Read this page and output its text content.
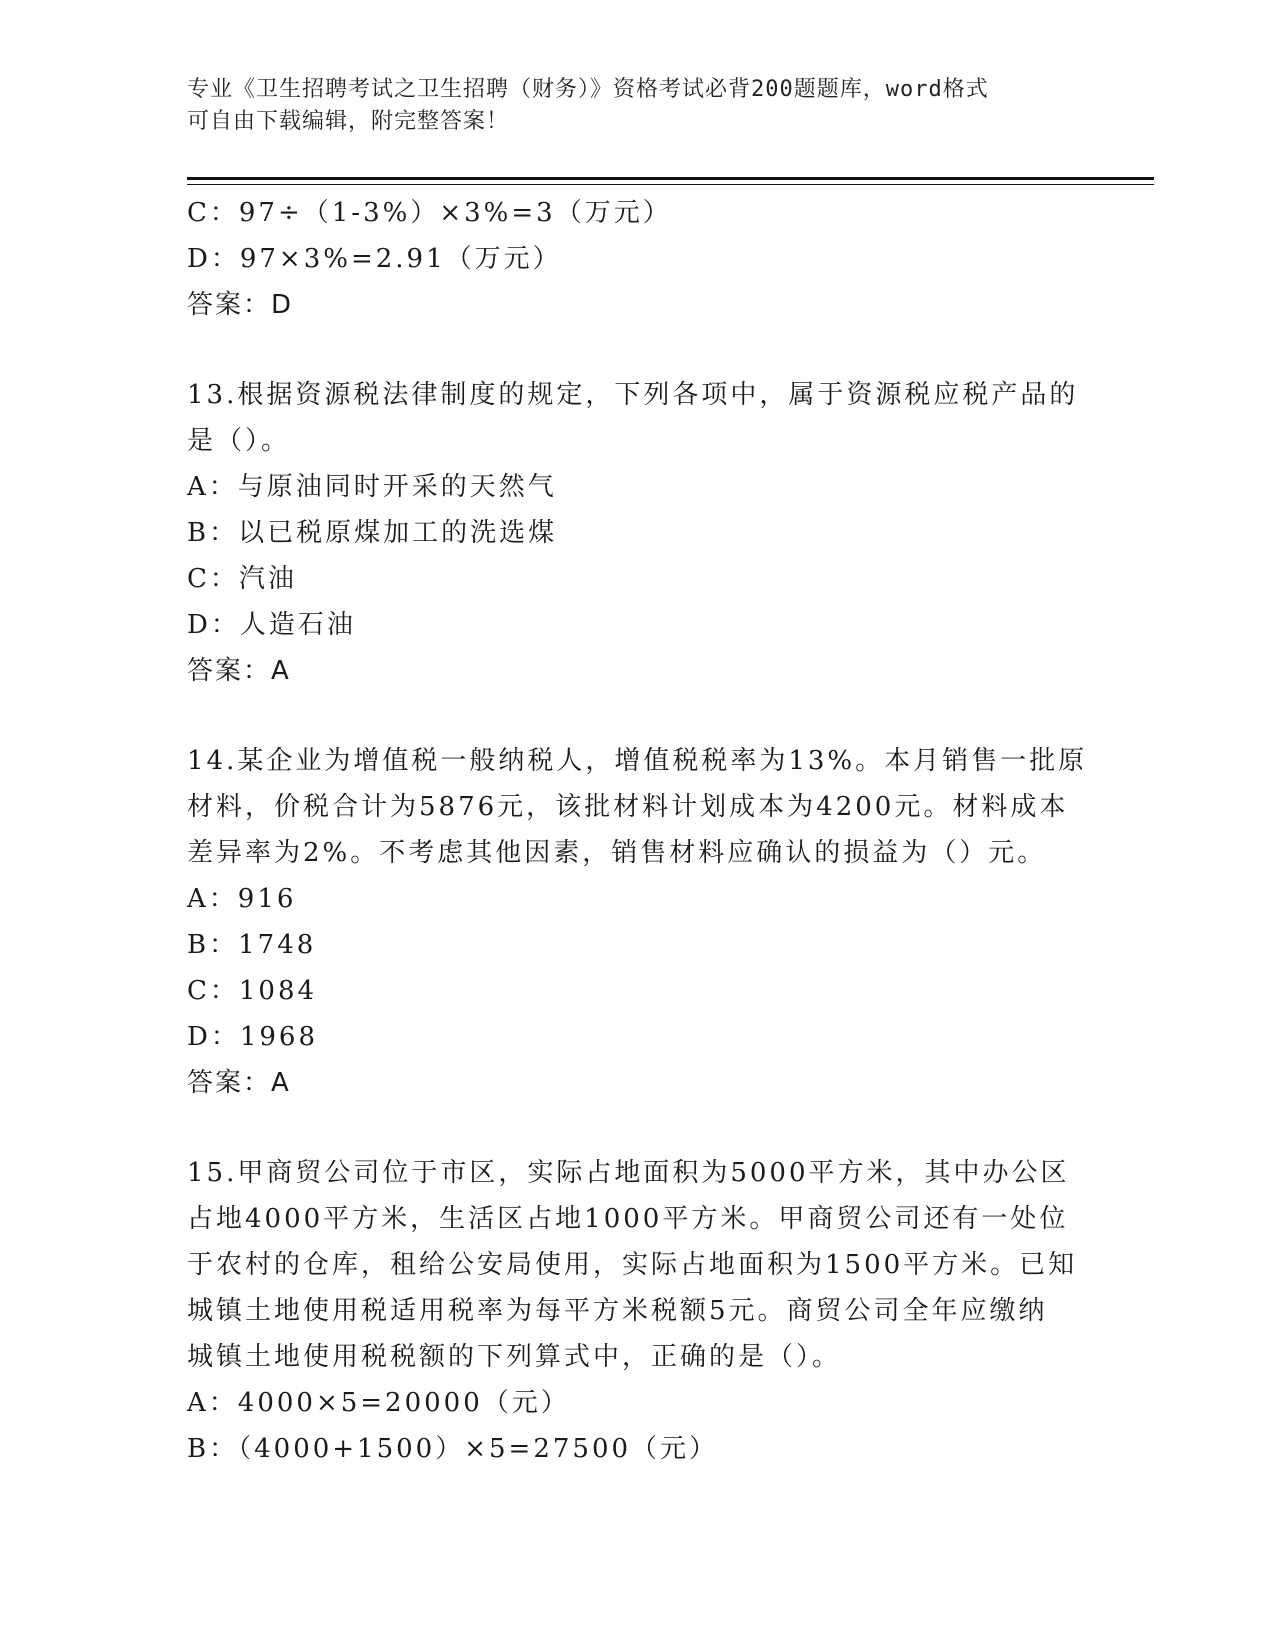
专业《卫生招聘考试之卫生招聘（财务）》资格考试必背200题题库，word格式
可自由下载编辑，附完整答案！
C：97÷（1-3%）×3%=3（万元）
D：97×3%=2.91（万元）
答案：D
13.根据资源税法律制度的规定，下列各项中，属于资源税应税产品的
是（）。
A：与原油同时开采的天然气
B：以已税原煤加工的洗选煤
C：汽油
D：人造石油
答案：A
14.某企业为增值税一般纳税人，增值税税率为13%。本月销售一批原
材料，价税合计为5876元，该批材料计划成本为4200元。材料成本
差异率为2%。不考虑其他因素，销售材料应确认的损益为（）元。
A：916
B：1748
C：1084
D：1968
答案：A
15.甲商贸公司位于市区，实际占地面积为5000平方米，其中办公区
占地4000平方米，生活区占地1000平方米。甲商贸公司还有一处位
于农村的仓库，租给公安局使用，实际占地面积为1500平方米。已知
城镇土地使用税适用税率为每平方米税额5元。商贸公司全年应缴纳
城镇土地使用税税额的下列算式中，正确的是（）。
A：4000×5=20000（元）
B：（4000+1500）×5=27500（元）
